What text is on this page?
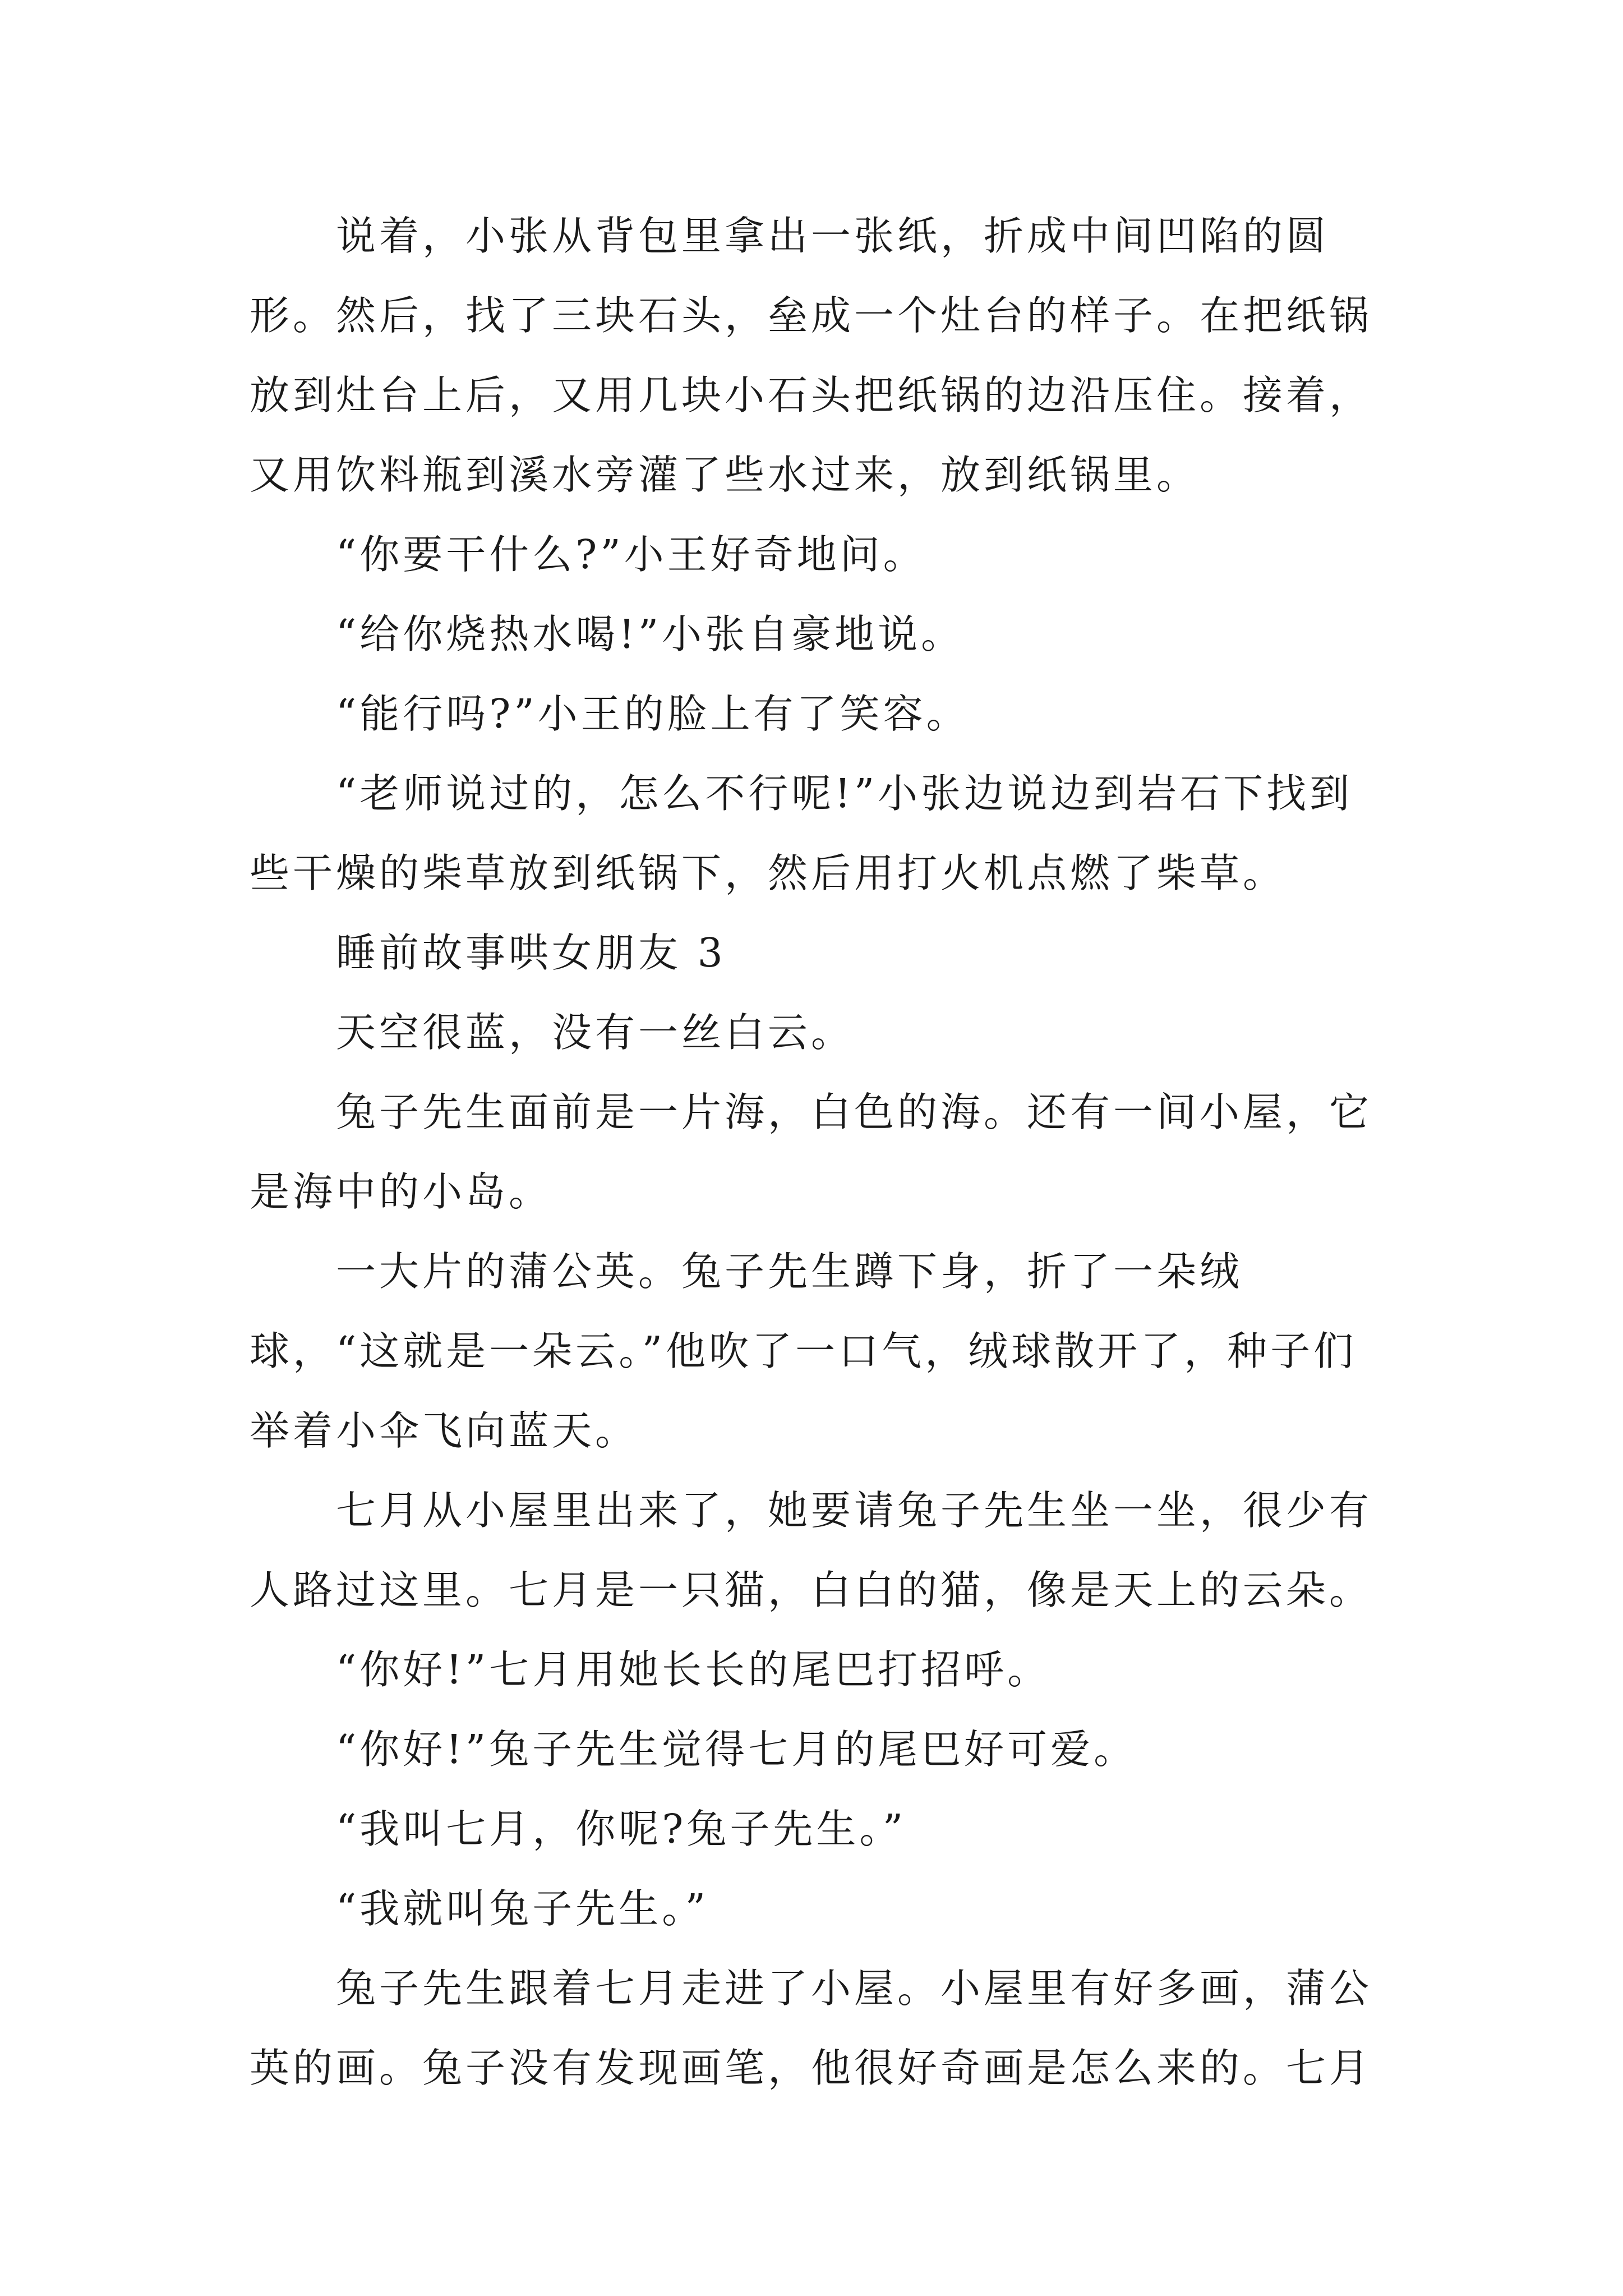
说着，小张从背包里拿出一张纸，折成中间凹陷的圆形。然后，找了三块石头，垒成一个灶台的样子。在把纸锅放到灶台上后，又用几块小石头把纸锅的边沿压住。接着，又用饮料瓶到溪水旁灌了些水过来，放到纸锅里。

“你要干什么?”小王好奇地问。

“给你烧热水喝!”小张自豪地说。

“能行吗?”小王的脸上有了笑容。

“老师说过的，怎么不行呢!”小张边说边到岩石下找到些干燥的柴草放到纸锅下，然后用打火机点燃了柴草。

睡前故事哄女朋友 3

天空很蓝，没有一丝白云。

兔子先生面前是一片海，白色的海。还有一间小屋，它是海中的小岛。

一大片的蒲公英。兔子先生蹲下身，折了一朵绒球，“这就是一朵云。”他吹了一口气，绒球散开了，种子们举着小伞飞向蓝天。

七月从小屋里出来了，她要请兔子先生坐一坐，很少有人路过这里。七月是一只猫，白白的猫，像是天上的云朵。

“你好!”七月用她长长的尾巴打招呼。

“你好!”兔子先生觉得七月的尾巴好可爱。

“我叫七月，你呢?兔子先生。”

“我就叫兔子先生。”

兔子先生跟着七月走进了小屋。小屋里有好多画，蒲公英的画。兔子没有发现画笔，他很好奇画是怎么来的。七月
